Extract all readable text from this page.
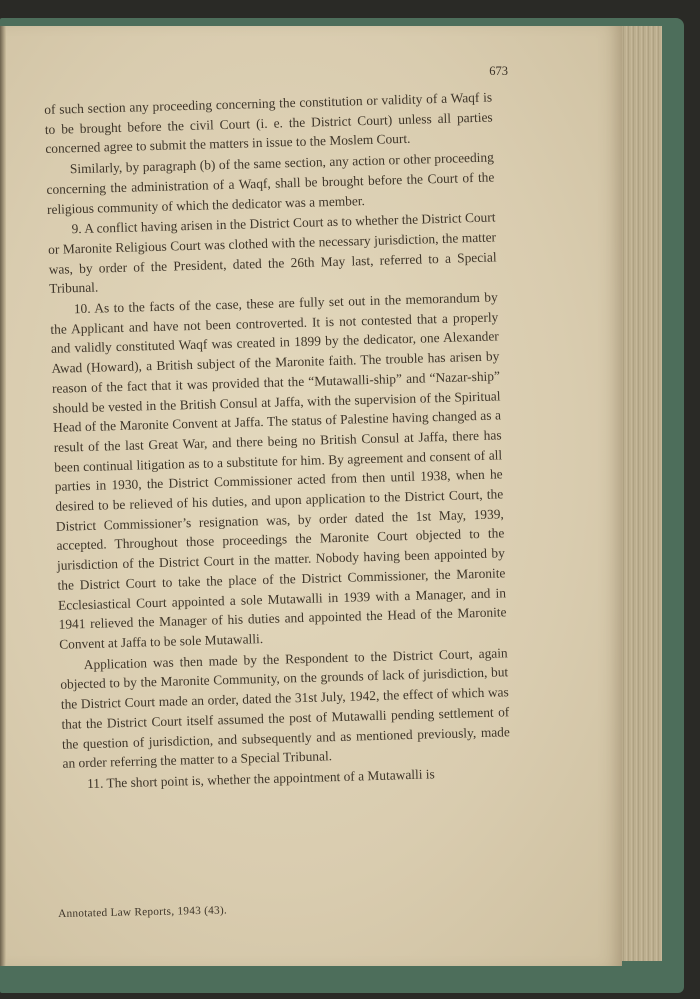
673

of such section any proceeding concerning the constitution or validity of a Waqf is to be brought before the civil Court (i. e. the District Court) unless all parties concerned agree to submit the matters in issue to the Moslem Court.

Similarly, by paragraph (b) of the same section, any action or other proceeding concerning the administration of a Waqf, shall be brought before the Court of the religious community of which the dedicator was a member.

9. A conflict having arisen in the District Court as to whether the District Court or Maronite Religious Court was clothed with the necessary jurisdiction, the matter was, by order of the President, dated the 26th May last, referred to a Special Tribunal.

10. As to the facts of the case, these are fully set out in the memorandum by the Applicant and have not been controverted. It is not contested that a properly and validly constituted Waqf was created in 1899 by the dedicator, one Alexander Awad (Howard), a British subject of the Maronite faith. The trouble has arisen by reason of the fact that it was provided that the “Mutawalli-ship” and “Nazar-ship” should be vested in the British Consul at Jaffa, with the supervision of the Spiritual Head of the Maronite Convent at Jaffa. The status of Palestine having changed as a result of the last Great War, and there being no British Consul at Jaffa, there has been continual litigation as to a substitute for him. By agreement and consent of all parties in 1930, the District Commissioner acted from then until 1938, when he desired to be relieved of his duties, and upon application to the District Court, the District Commissioner’s resignation was, by order dated the 1st May, 1939, accepted. Throughout those proceedings the Maronite Court objected to the jurisdiction of the District Court in the matter. Nobody having been appointed by the District Court to take the place of the District Commissioner, the Maronite Ecclesiastical Court appointed a sole Mutawalli in 1939 with a Manager, and in 1941 relieved the Manager of his duties and appointed the Head of the Maronite Convent at Jaffa to be sole Mutawalli.

Application was then made by the Respondent to the District Court, again objected to by the Maronite Community, on the grounds of lack of jurisdiction, but the District Court made an order, dated the 31st July, 1942, the effect of which was that the District Court itself assumed the post of Mutawalli pending settlement of the question of jurisdiction, and subsequently and as mentioned previously, made an order referring the matter to a Special Tribunal.

11. The short point is, whether the appointment of a Mutawalli is

Annotated Law Reports, 1943 (43).
